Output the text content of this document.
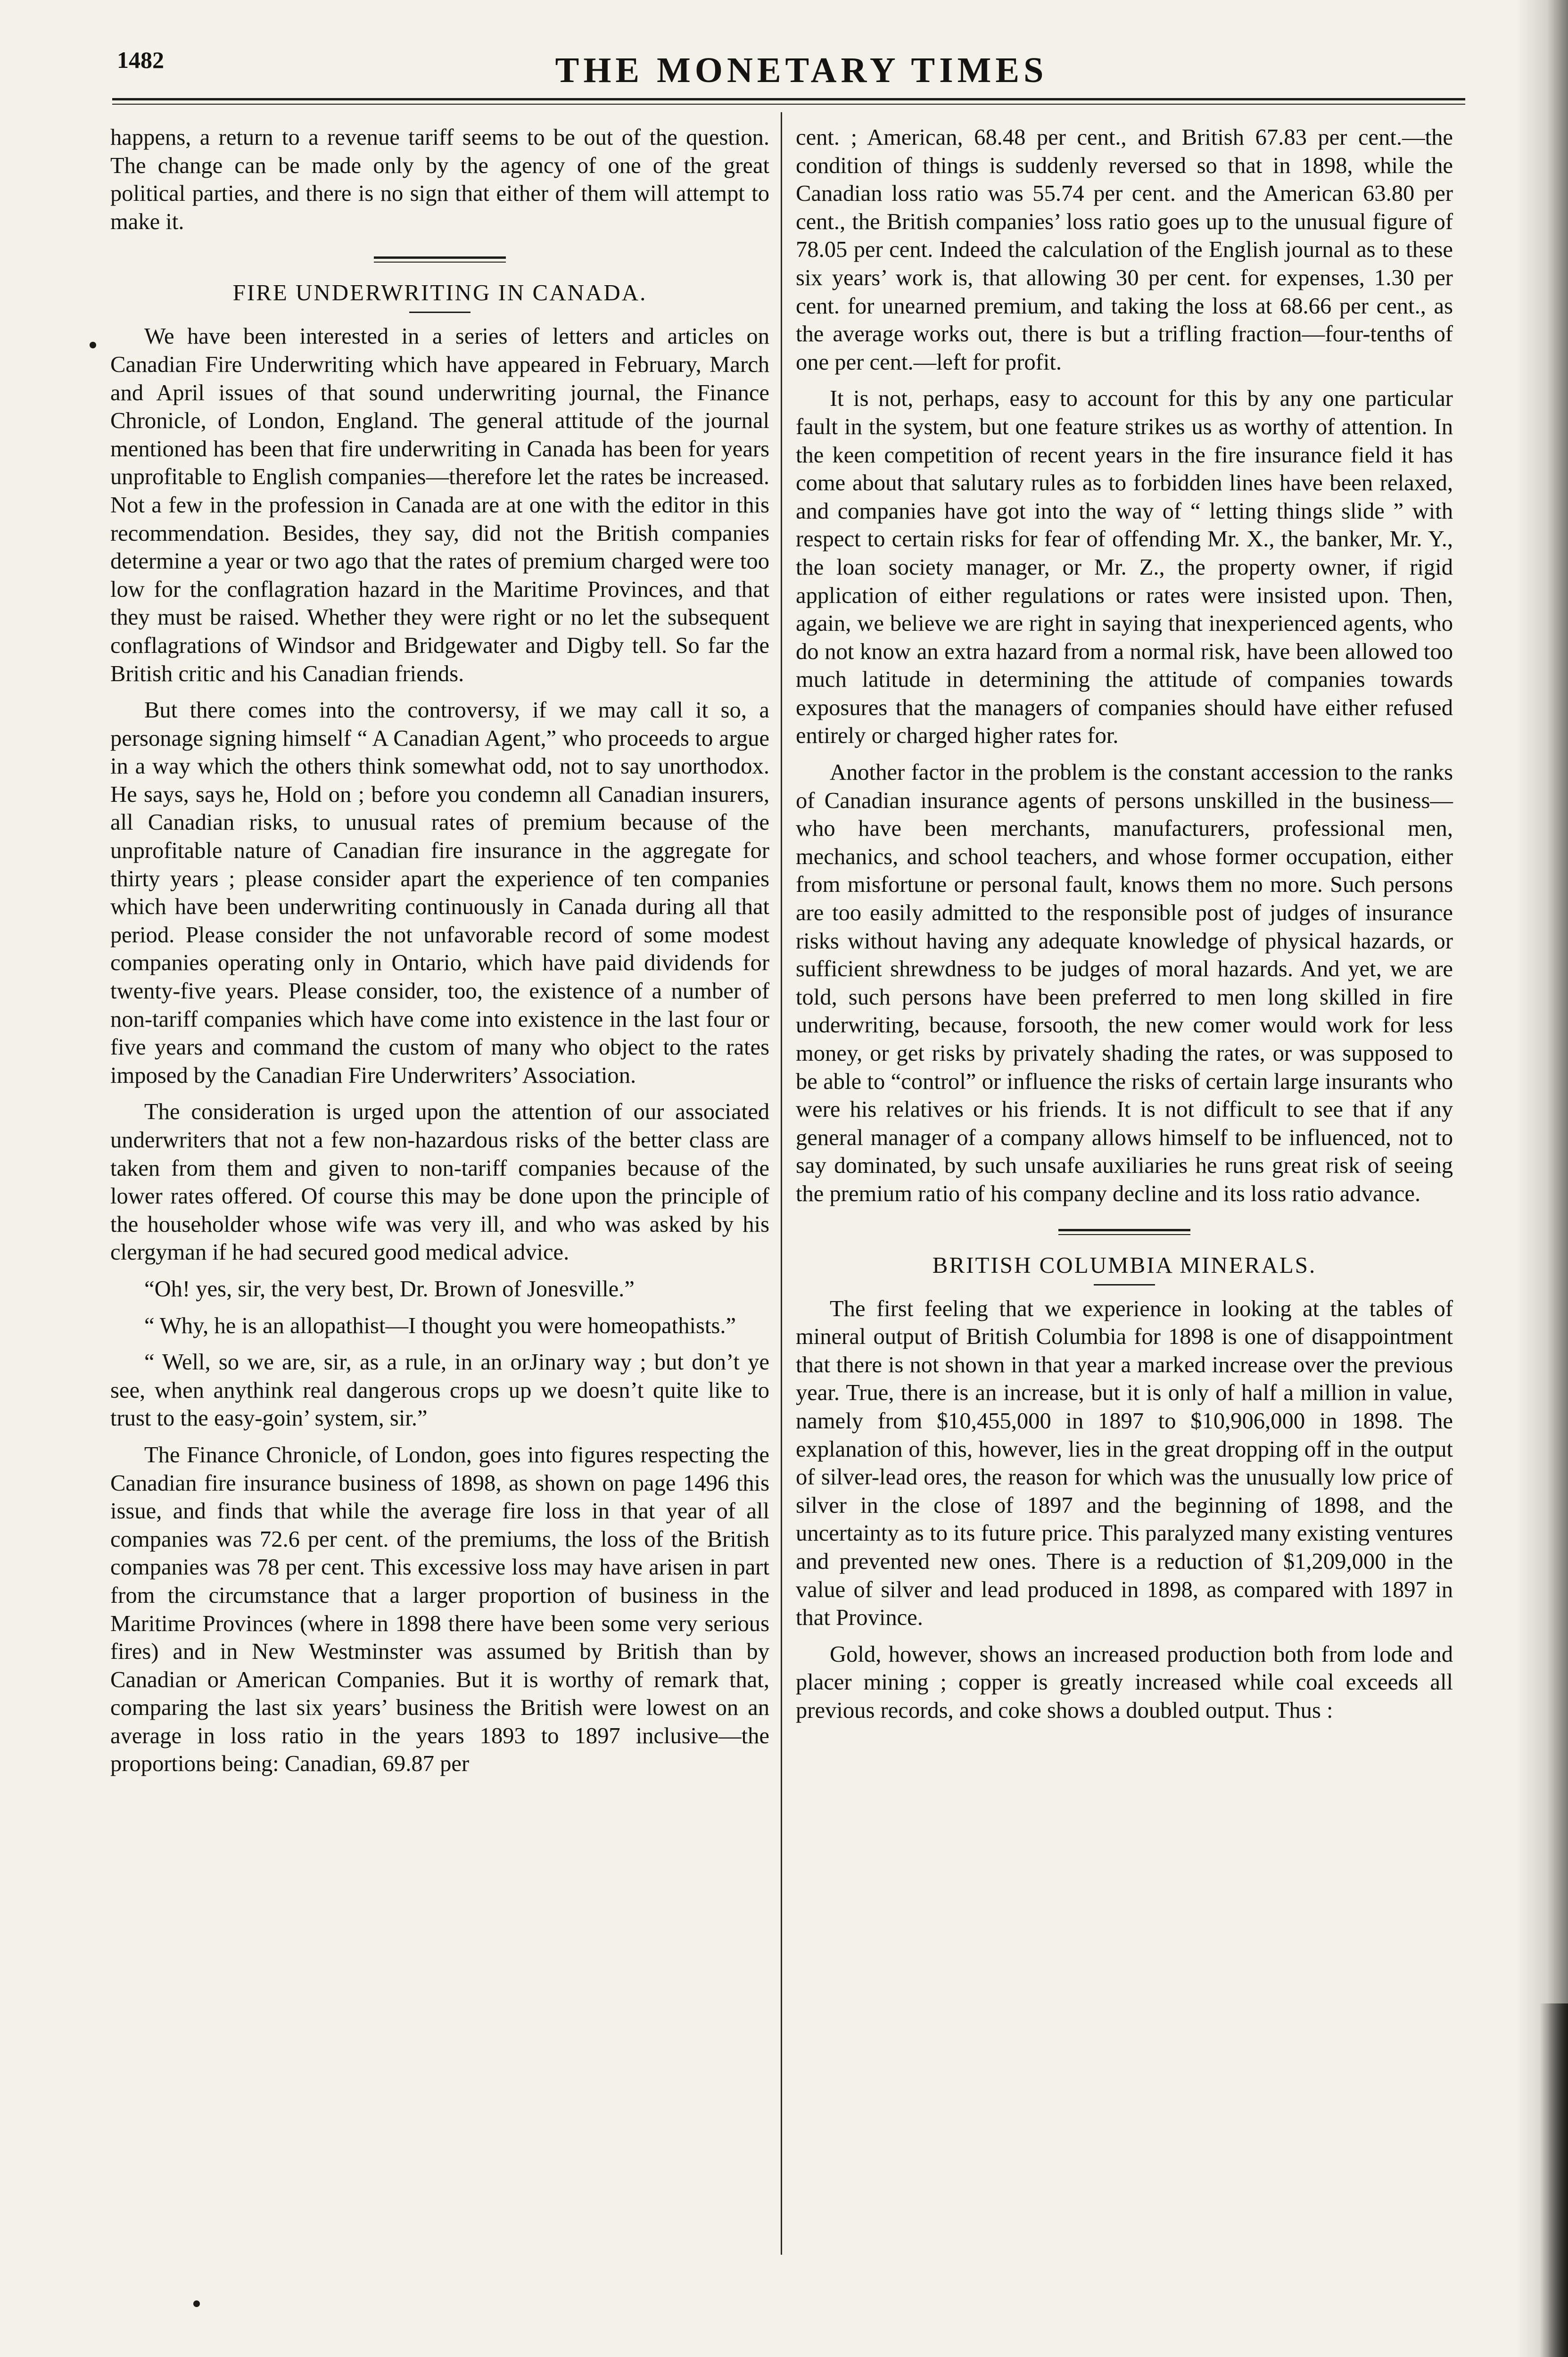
1482	THE MONETARY TIMES

happens, a return to a revenue tariff seems to be out of the question. The change can be made only by the agency of one of the great political parties, and there is no sign that either of them will attempt to make it.

FIRE UNDERWRITING IN CANADA.

We have been interested in a series of letters and articles on Canadian Fire Underwriting which have appeared in February, March and April issues of that sound underwriting journal, the Finance Chronicle, of London, England. The general attitude of the journal mentioned has been that fire underwriting in Canada has been for years unprofitable to English companies—therefore let the rates be increased. Not a few in the profession in Canada are at one with the editor in this recommendation. Besides, they say, did not the British companies determine a year or two ago that the rates of premium charged were too low for the conflagration hazard in the Maritime Provinces, and that they must be raised. Whether they were right or no let the subsequent conflagrations of Windsor and Bridgewater and Digby tell. So far the British critic and his Canadian friends.

But there comes into the controversy, if we may call it so, a personage signing himself “ A Canadian Agent,” who proceeds to argue in a way which the others think somewhat odd, not to say unorthodox. He says, says he, Hold on ; before you condemn all Canadian insurers, all Canadian risks, to unusual rates of premium because of the unprofitable nature of Canadian fire insurance in the aggregate for thirty years ; please consider apart the experience of ten companies which have been underwriting continuously in Canada during all that period. Please consider the not unfavorable record of some modest companies operating only in Ontario, which have paid dividends for twenty-five years. Please consider, too, the existence of a number of non-tariff companies which have come into existence in the last four or five years and command the custom of many who object to the rates imposed by the Canadian Fire Underwriters’ Association.

The consideration is urged upon the attention of our associated underwriters that not a few non-hazardous risks of the better class are taken from them and given to non-tariff companies because of the lower rates offered. Of course this may be done upon the principle of the householder whose wife was very ill, and who was asked by his clergyman if he had secured good medical advice.

“Oh! yes, sir, the very best, Dr. Brown of Jonesville.”

“ Why, he is an allopathist—I thought you were homeopathists.”

“ Well, so we are, sir, as a rule, in an orJinary way ; but don’t ye see, when anythink real dangerous crops up we doesn’t quite like to trust to the easy-goin’ system, sir.”

The Finance Chronicle, of London, goes into figures respecting the Canadian fire insurance business of 1898, as shown on page 1496 this issue, and finds that while the average fire loss in that year of all companies was 72.6 per cent. of the premiums, the loss of the British companies was 78 per cent. This excessive loss may have arisen in part from the circumstance that a larger proportion of business in the Maritime Provinces (where in 1898 there have been some very serious fires) and in New Westminster was assumed by British than by Canadian or American Companies. But it is worthy of remark that, comparing the last six years’ business the British were lowest on an average in loss ratio in the years 1893 to 1897 inclusive—the proportions being: Canadian, 69.87 per

cent. ; American, 68.48 per cent., and British 67.83 per cent.—the condition of things is suddenly reversed so that in 1898, while the Canadian loss ratio was 55.74 per cent. and the American 63.80 per cent., the British companies’ loss ratio goes up to the unusual figure of 78.05 per cent. Indeed the calculation of the English journal as to these six years’ work is, that allowing 30 per cent. for expenses, 1.30 per cent. for unearned premium, and taking the loss at 68.66 per cent., as the average works out, there is but a trifling fraction—four-tenths of one per cent.—left for profit.

It is not, perhaps, easy to account for this by any one particular fault in the system, but one feature strikes us as worthy of attention. In the keen competition of recent years in the fire insurance field it has come about that salutary rules as to forbidden lines have been relaxed, and companies have got into the way of “ letting things slide ” with respect to certain risks for fear of offending Mr. X., the banker, Mr. Y., the loan society manager, or Mr. Z., the property owner, if rigid application of either regulations or rates were insisted upon. Then, again, we believe we are right in saying that inexperienced agents, who do not know an extra hazard from a normal risk, have been allowed too much latitude in determining the attitude of companies towards exposures that the managers of companies should have either refused entirely or charged higher rates for.

Another factor in the problem is the constant accession to the ranks of Canadian insurance agents of persons unskilled in the business—who have been merchants, manufacturers, professional men, mechanics, and school teachers, and whose former occupation, either from misfortune or personal fault, knows them no more. Such persons are too easily admitted to the responsible post of judges of insurance risks without having any adequate knowledge of physical hazards, or sufficient shrewdness to be judges of moral hazards. And yet, we are told, such persons have been preferred to men long skilled in fire underwriting, because, forsooth, the new comer would work for less money, or get risks by privately shading the rates, or was supposed to be able to “control” or influence the risks of certain large insurants who were his relatives or his friends. It is not difficult to see that if any general manager of a company allows himself to be influenced, not to say dominated, by such unsafe auxiliaries he runs great risk of seeing the premium ratio of his company decline and its loss ratio advance.

BRITISH COLUMBIA MINERALS.

The first feeling that we experience in looking at the tables of mineral output of British Columbia for 1898 is one of disappointment that there is not shown in that year a marked increase over the previous year. True, there is an increase, but it is only of half a million in value, namely from $10,455,000 in 1897 to $10,906,000 in 1898. The explanation of this, however, lies in the great dropping off in the output of silver-lead ores, the reason for which was the unusually low price of silver in the close of 1897 and the beginning of 1898, and the uncertainty as to its future price. This paralyzed many existing ventures and prevented new ones. There is a reduction of $1,209,000 in the value of silver and lead produced in 1898, as compared with 1897 in that Province.

Gold, however, shows an increased production both from lode and placer mining ; copper is greatly increased while coal exceeds all previous records, and coke shows a doubled output. Thus :
